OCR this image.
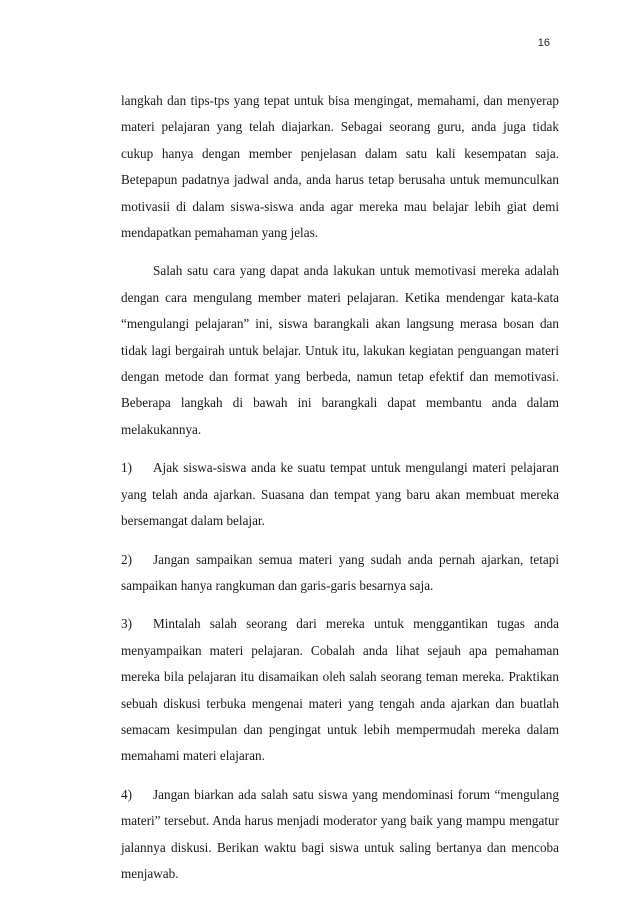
16

langkah dan tips-tps yang tepat untuk bisa mengingat, memahami, dan menyerap materi pelajaran yang telah diajarkan. Sebagai seorang guru, anda juga tidak cukup hanya dengan member penjelasan dalam satu kali kesempatan saja. Betepapun padatnya jadwal anda, anda harus tetap berusaha untuk memunculkan motivasii di dalam siswa-siswa anda agar mereka mau belajar lebih giat demi mendapatkan pemahaman yang jelas.

Salah satu cara yang dapat anda lakukan untuk memotivasi mereka adalah dengan cara mengulang member materi pelajaran. Ketika mendengar kata-kata “mengulangi pelajaran” ini, siswa barangkali akan langsung merasa bosan dan tidak lagi bergairah untuk belajar. Untuk itu, lakukan kegiatan penguangan materi dengan metode dan format yang berbeda, namun tetap efektif dan memotivasi. Beberapa langkah di bawah ini barangkali dapat membantu anda dalam melakukannya.

1) Ajak siswa-siswa anda ke suatu tempat untuk mengulangi materi pelajaran yang telah anda ajarkan. Suasana dan tempat yang baru akan membuat mereka bersemangat dalam belajar.

2) Jangan sampaikan semua materi yang sudah anda pernah ajarkan, tetapi sampaikan hanya rangkuman dan garis-garis besarnya saja.

3) Mintalah salah seorang dari mereka untuk menggantikan tugas anda menyampaikan materi pelajaran. Cobalah anda lihat sejauh apa pemahaman mereka bila pelajaran itu disamaikan oleh salah seorang teman mereka. Praktikan sebuah diskusi terbuka mengenai materi yang tengah anda ajarkan dan buatlah semacam kesimpulan dan pengingat untuk lebih mempermudah mereka dalam memahami materi elajaran.

4) Jangan biarkan ada salah satu siswa yang mendominasi forum “mengulang materi” tersebut. Anda harus menjadi moderator yang baik yang mampu mengatur jalannya diskusi. Berikan waktu bagi siswa untuk saling bertanya dan mencoba menjawab.
